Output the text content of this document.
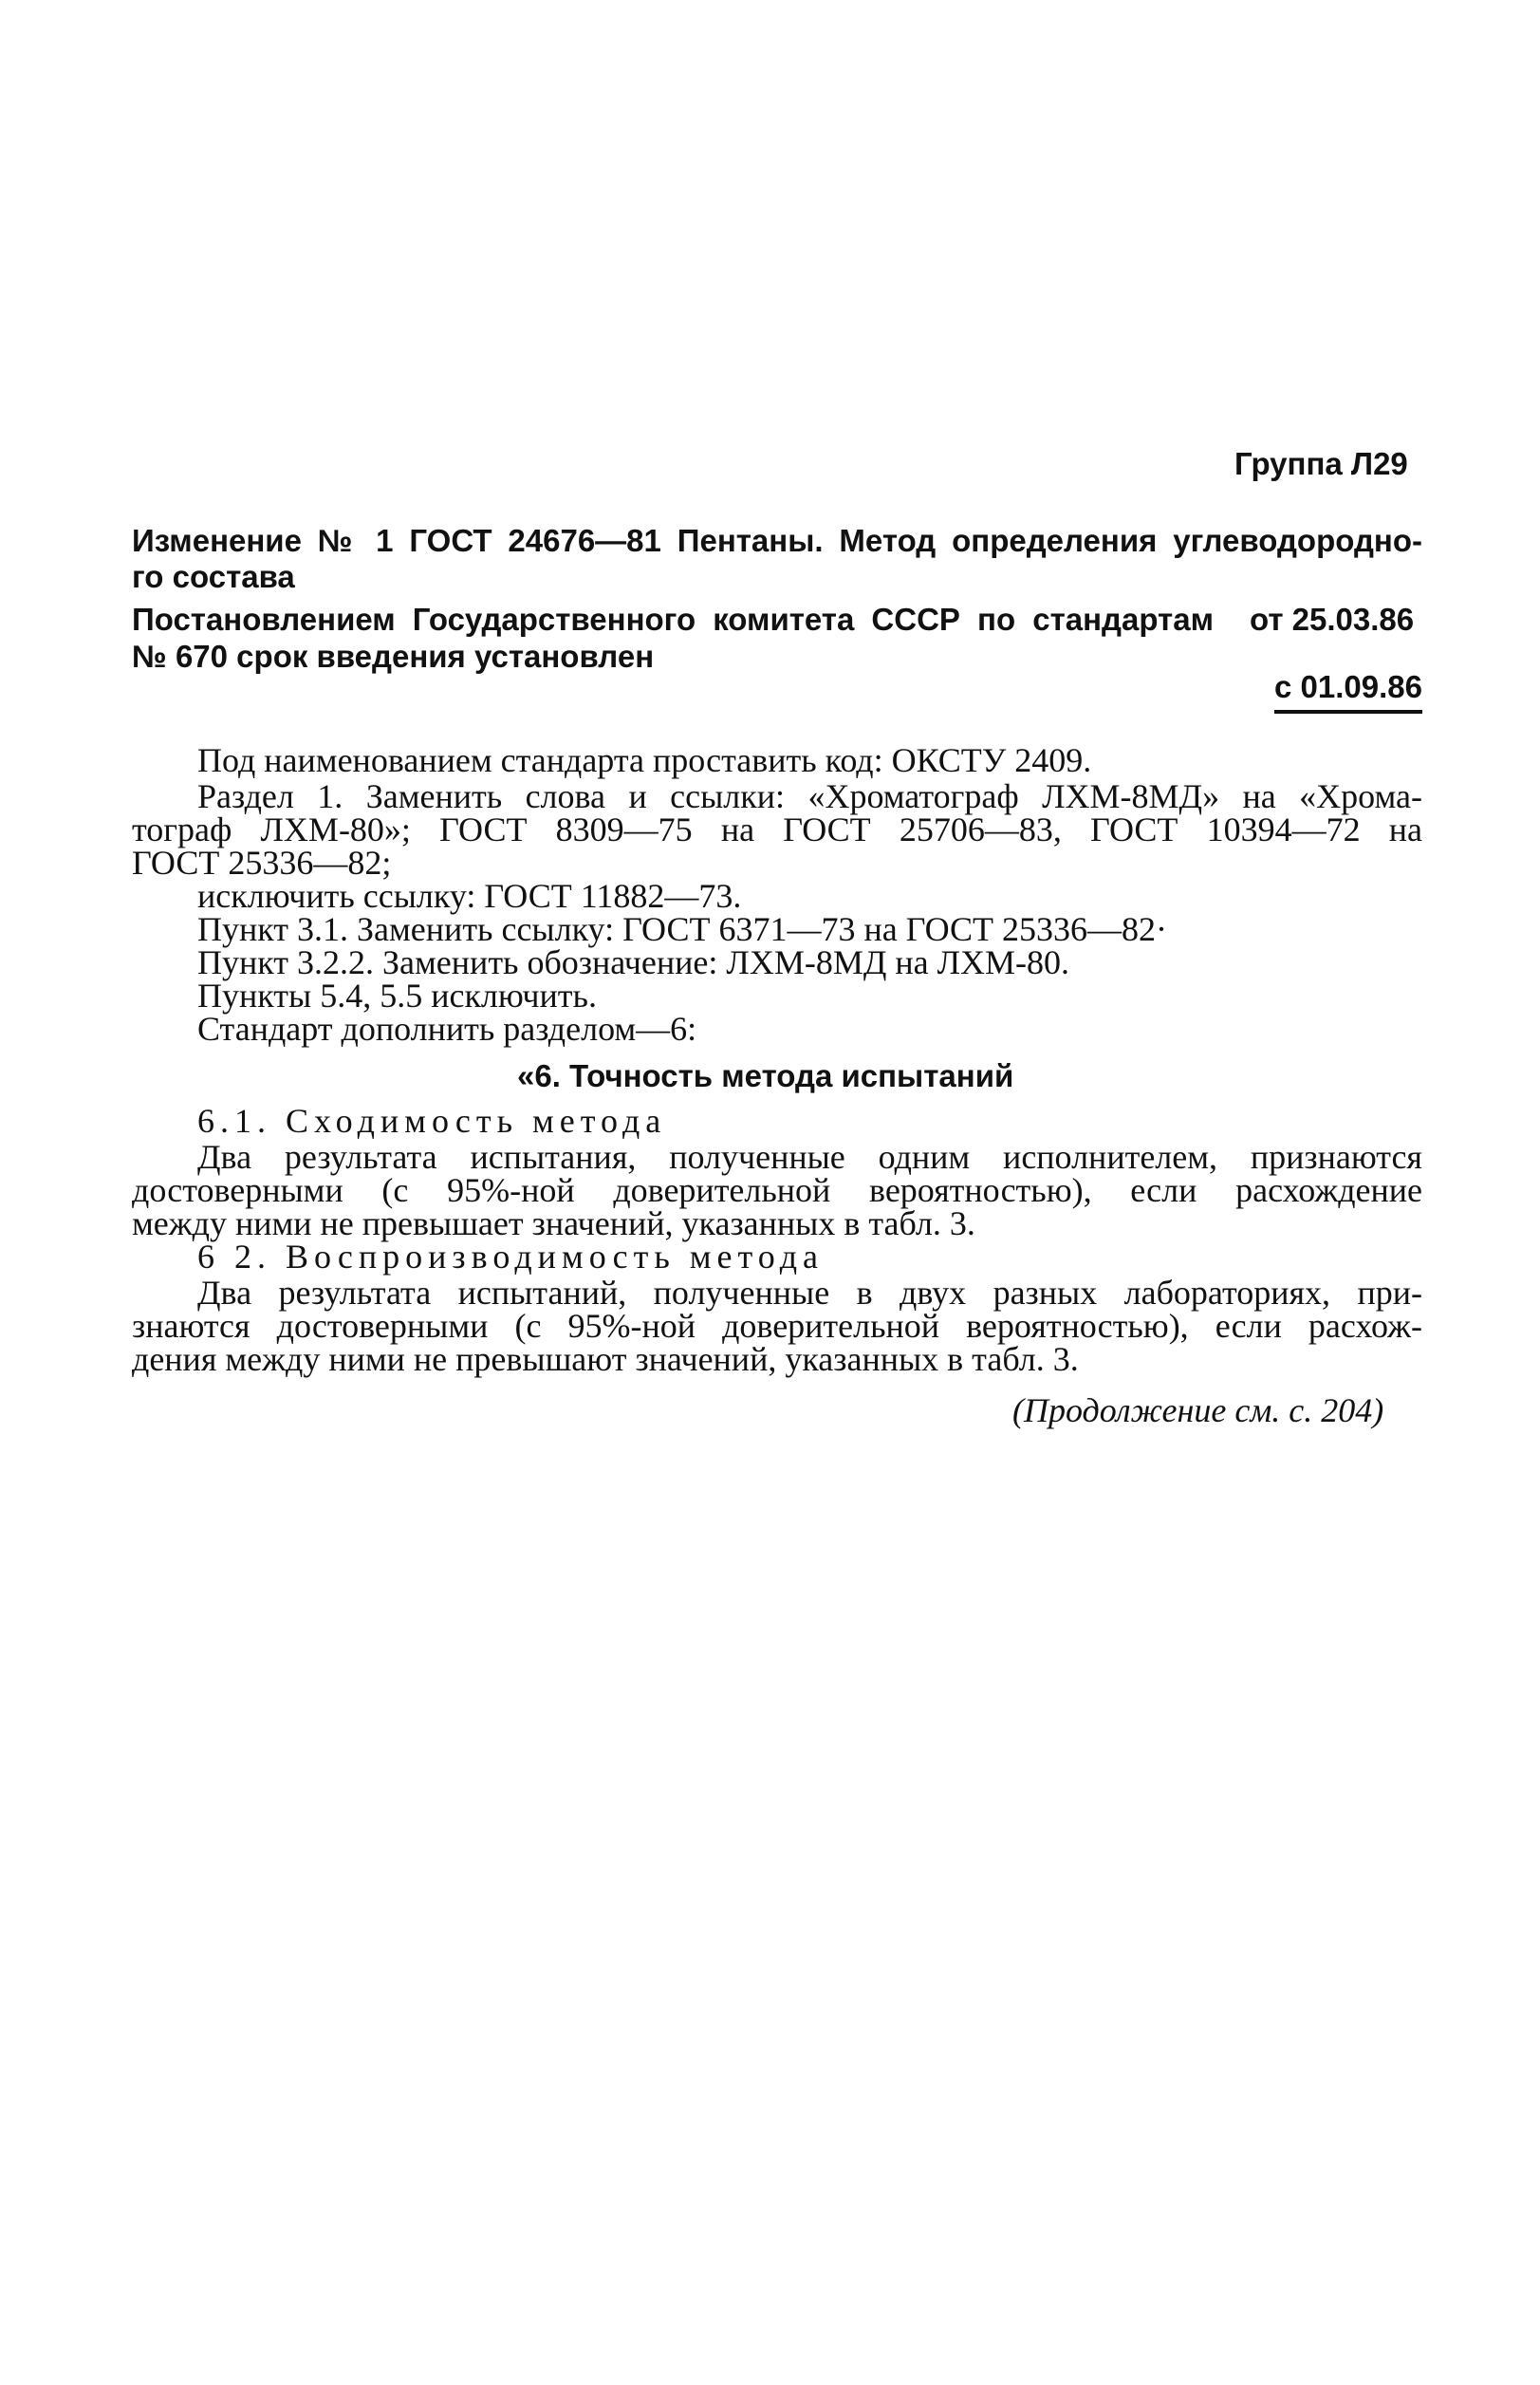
Группа Л29
Изменение № 1 ГОСТ 24676—81 Пентаны. Метод определения углеводородно-
го состава
Постановлением Государственного комитета СССР по стандартам от 25.03.86
№ 670 срок введения установлен
с 01.09.86
Под наименованием стандарта проставить код: ОКСТУ 2409.
Раздел 1. Заменить слова и ссылки: «Хроматограф ЛХМ-8МД» на «Хрома-
тограф ЛХМ-80»; ГОСТ 8309—75 на ГОСТ 25706—83, ГОСТ 10394—72 на
ГОСТ 25336—82;
исключить ссылку: ГОСТ 11882—73.
Пункт 3.1. Заменить ссылку: ГОСТ 6371—73 на ГОСТ 25336—82·
Пункт 3.2.2. Заменить обозначение: ЛХМ-8МД на ЛХМ-80.
Пункты 5.4, 5.5 исключить.
Стандарт дополнить разделом—6:
«6. Точность метода испытаний
6.1. Сходимость метода
Два результата испытания, полученные одним исполнителем, признаются
достоверными (с 95%-ной доверительной вероятностью), если расхождение
между ними не превышает значений, указанных в табл. 3.
6 2. Воспроизводимость метода
Два результата испытаний, полученные в двух разных лабораториях, при-
знаются достоверными (с 95%-ной доверительной вероятностью), если расхож-
дения между ними не превышают значений, указанных в табл. 3.
(Продолжение см. с. 204)
